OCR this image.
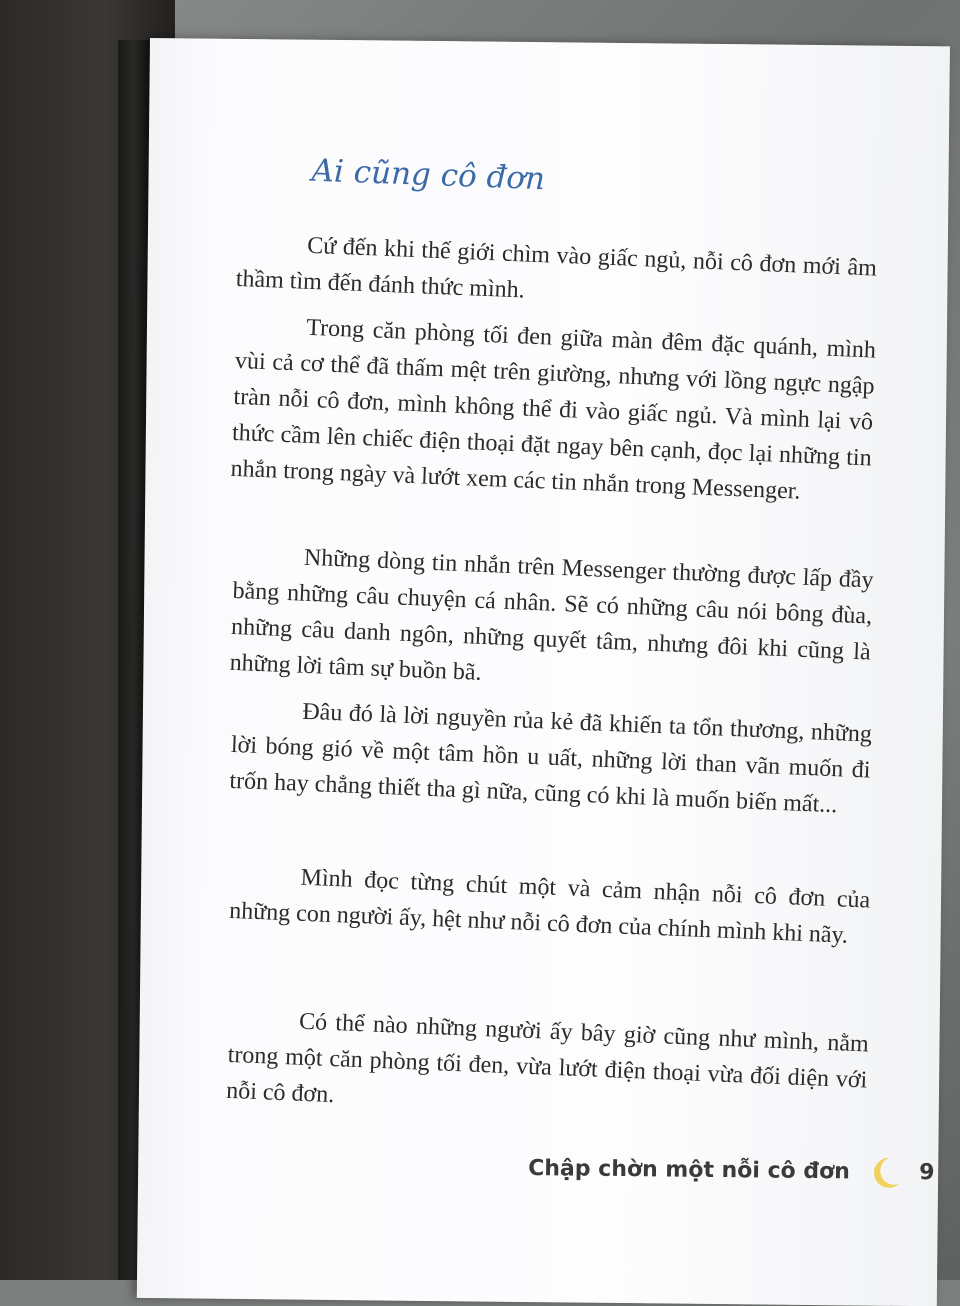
Ai cũng cô đơn
Cứ đến khi thế giới chìm vào giấc ngủ, nỗi cô đơn mới âm thầm tìm đến đánh thức mình.
Trong căn phòng tối đen giữa màn đêm đặc quánh, mình vùi cả cơ thể đã thấm mệt trên giường, nhưng với lồng ngực ngập tràn nỗi cô đơn, mình không thể đi vào giấc ngủ. Và mình lại vô thức cầm lên chiếc điện thoại đặt ngay bên cạnh, đọc lại những tin nhắn trong ngày và lướt xem các tin nhắn trong Messenger.
Những dòng tin nhắn trên Messenger thường được lấp đầy bằng những câu chuyện cá nhân. Sẽ có những câu nói bông đùa, những câu danh ngôn, những quyết tâm, nhưng đôi khi cũng là những lời tâm sự buồn bã.
Đâu đó là lời nguyền rủa kẻ đã khiến ta tổn thương, những lời bóng gió về một tâm hồn u uất, những lời than vãn muốn đi trốn hay chẳng thiết tha gì nữa, cũng có khi là muốn biến mất...
Mình đọc từng chút một và cảm nhận nỗi cô đơn của những con người ấy, hệt như nỗi cô đơn của chính mình khi nãy.
Có thể nào những người ấy bây giờ cũng như mình, nằm trong một căn phòng tối đen, vừa lướt điện thoại vừa đối diện với nỗi cô đơn.
Chập chờn một nỗi cô đơn	9
